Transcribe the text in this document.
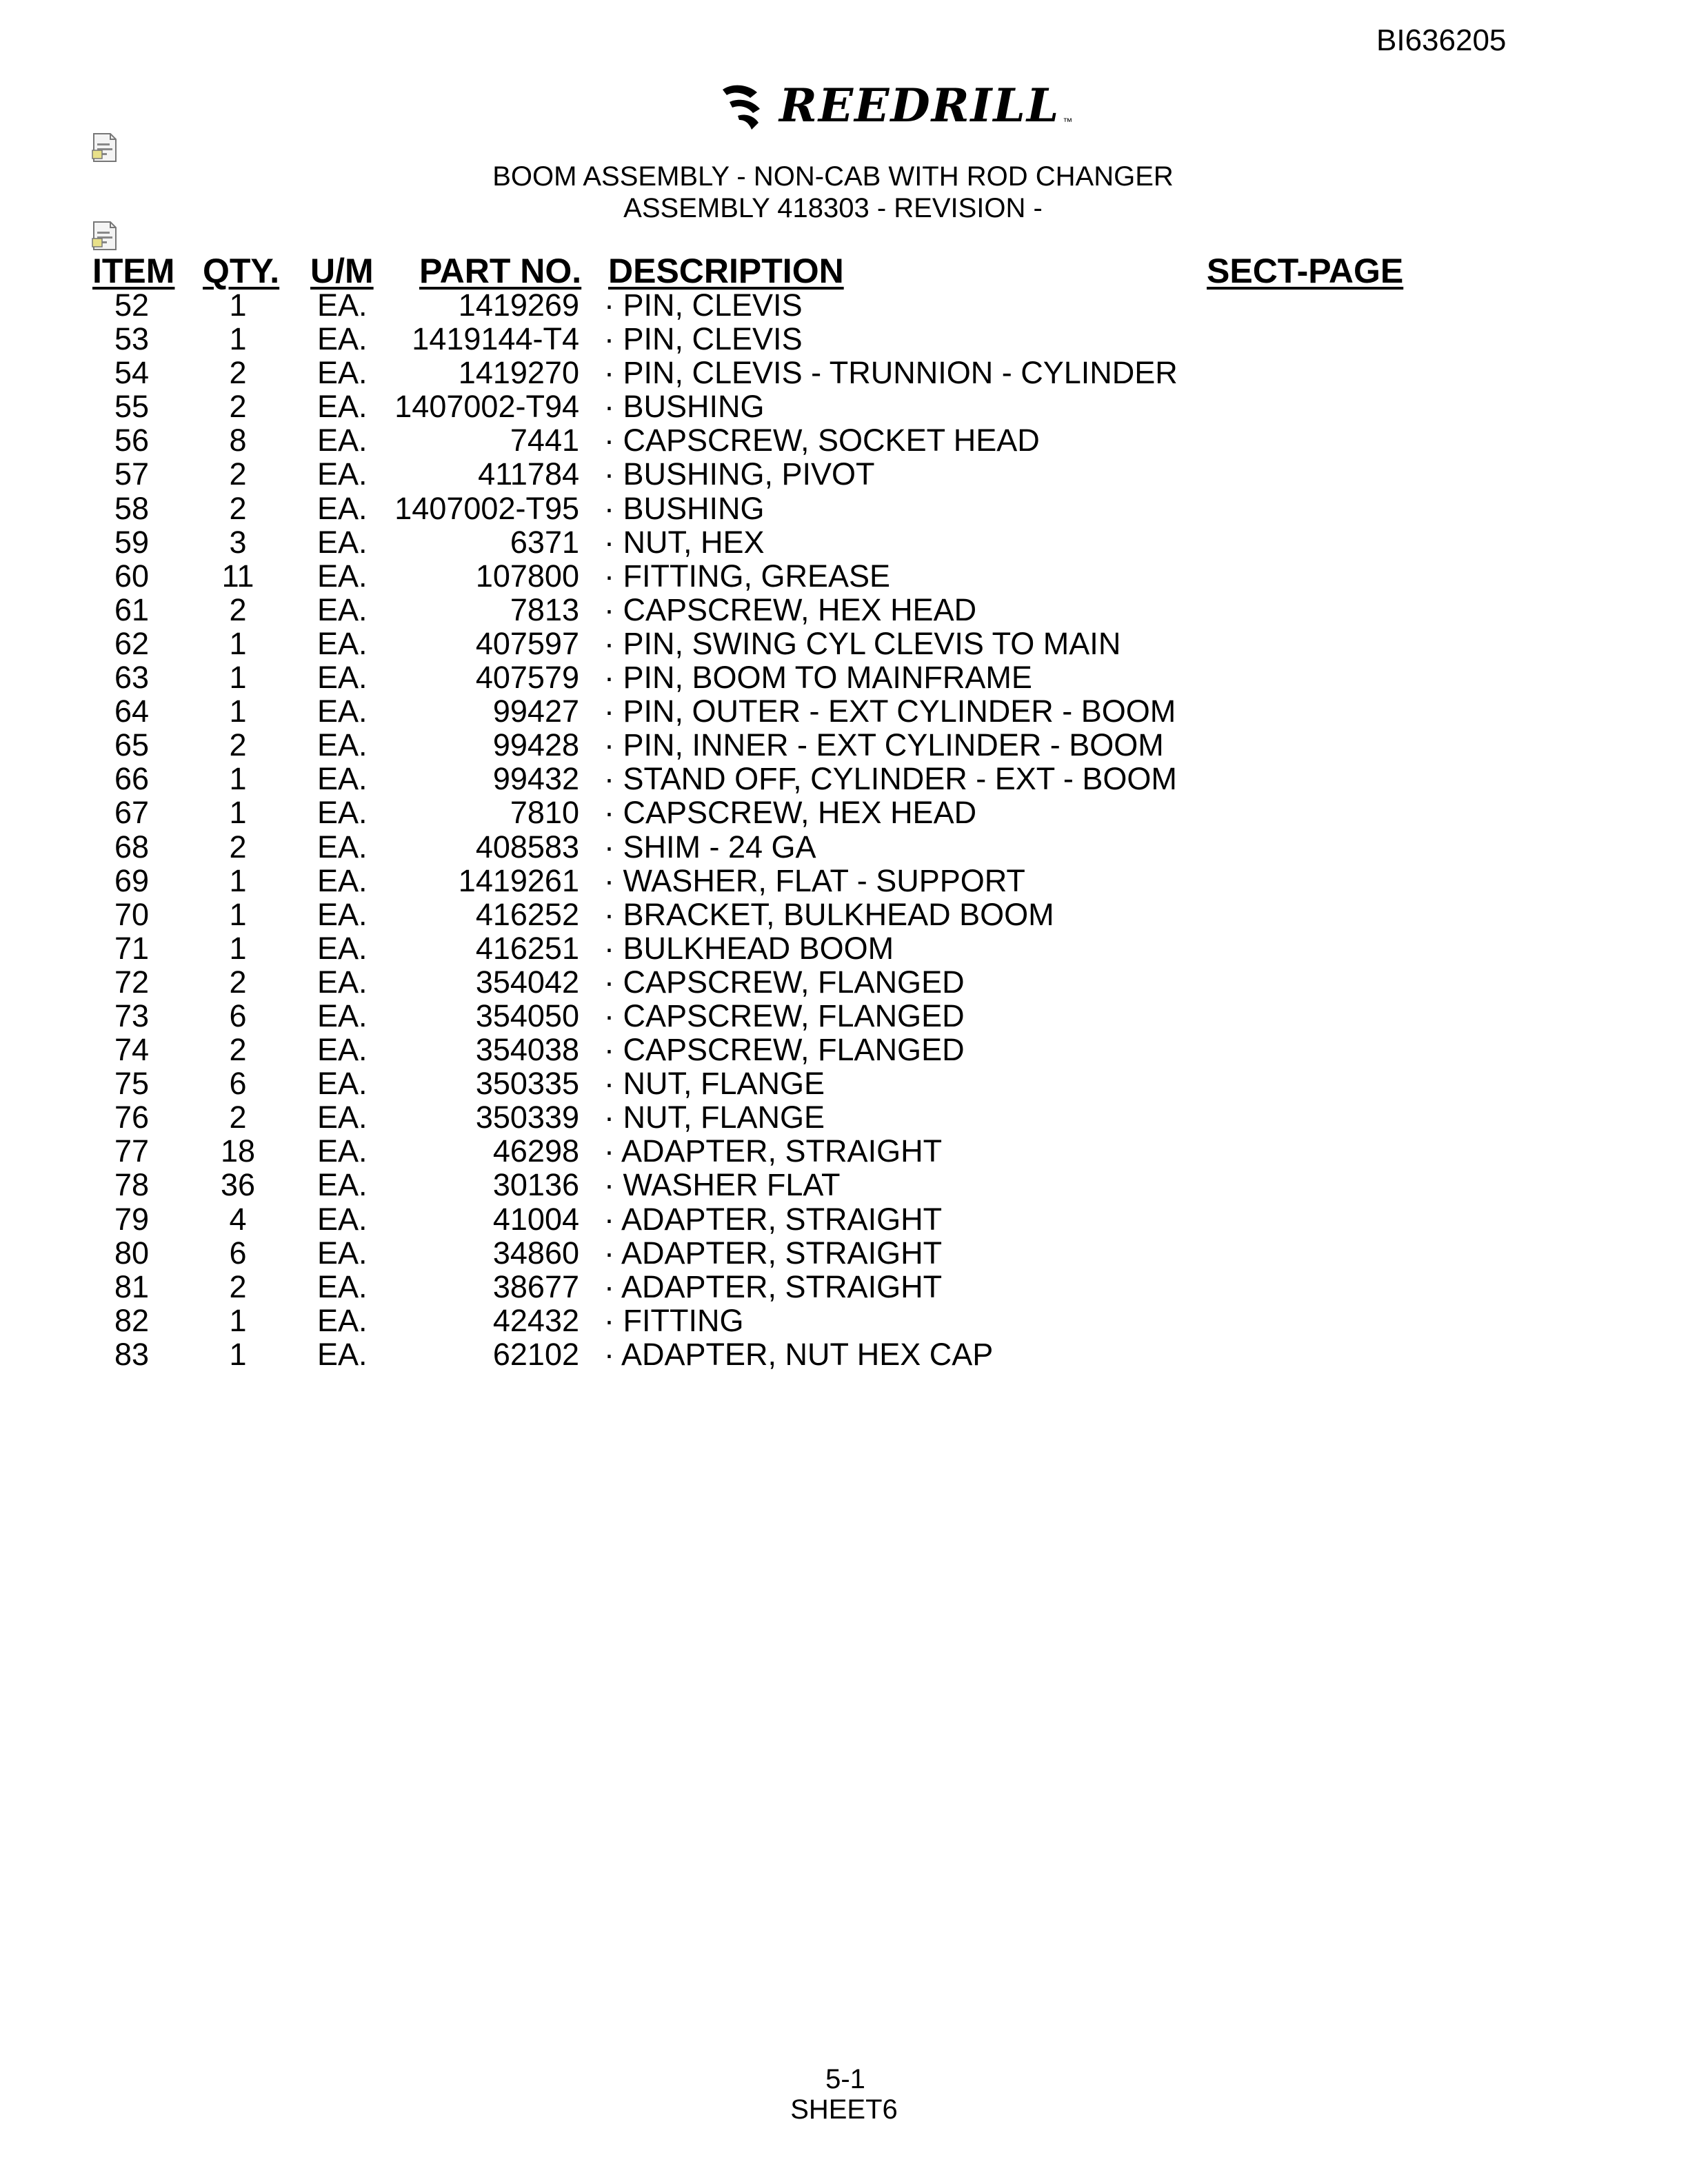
BI636205
REEDRILL ™
BOOM ASSEMBLY - NON-CAB WITH ROD CHANGER
ASSEMBLY 418303 - REVISION -
ITEM QTY. U/M PART NO. DESCRIPTION	SECT-PAGE
52	1	EA.	1419269 · PIN, CLEVIS
53	1	EA.	1419144-T4 · PIN, CLEVIS
54	2	EA.	1419270 · PIN, CLEVIS - TRUNNION - CYLINDER
55	2	EA. 1407002-T94 · BUSHING
56	8	EA.	7441 · CAPSCREW, SOCKET HEAD
57	2	EA.	411784 · BUSHING, PIVOT
58	2	EA. 1407002-T95 · BUSHING
59	3	EA.	6371 · NUT, HEX
60	11	EA.	107800 · FITTING, GREASE
61	2	EA.	7813 · CAPSCREW, HEX HEAD
62	1	EA.	407597 · PIN, SWING CYL CLEVIS TO MAIN
63	1	EA.	407579 · PIN, BOOM TO MAINFRAME
64	1	EA.	99427 · PIN, OUTER - EXT CYLINDER - BOOM
65	2	EA.	99428 · PIN, INNER - EXT CYLINDER - BOOM
66	1	EA.	99432 · STAND OFF, CYLINDER - EXT - BOOM
67	1	EA.	7810 · CAPSCREW, HEX HEAD
68	2	EA.	408583 · SHIM - 24 GA
69	1	EA.	1419261 · WASHER, FLAT - SUPPORT
70	1	EA.	416252 · BRACKET, BULKHEAD BOOM
71	1	EA.	416251 · BULKHEAD BOOM
72	2	EA.	354042 · CAPSCREW, FLANGED
73	6	EA.	354050 · CAPSCREW, FLANGED
74	2	EA.	354038 · CAPSCREW, FLANGED
75	6	EA.	350335 · NUT, FLANGE
76	2	EA.	350339 · NUT, FLANGE
77	18	EA.	46298 · ADAPTER, STRAIGHT
78	36	EA.	30136 · WASHER FLAT
79	4	EA.	41004 · ADAPTER, STRAIGHT
80	6	EA.	34860 · ADAPTER, STRAIGHT
81	2	EA.	38677 · ADAPTER, STRAIGHT
82	1	EA.	42432 · FITTING
83	1	EA.	62102 · ADAPTER, NUT HEX CAP
5-1
SHEET6
